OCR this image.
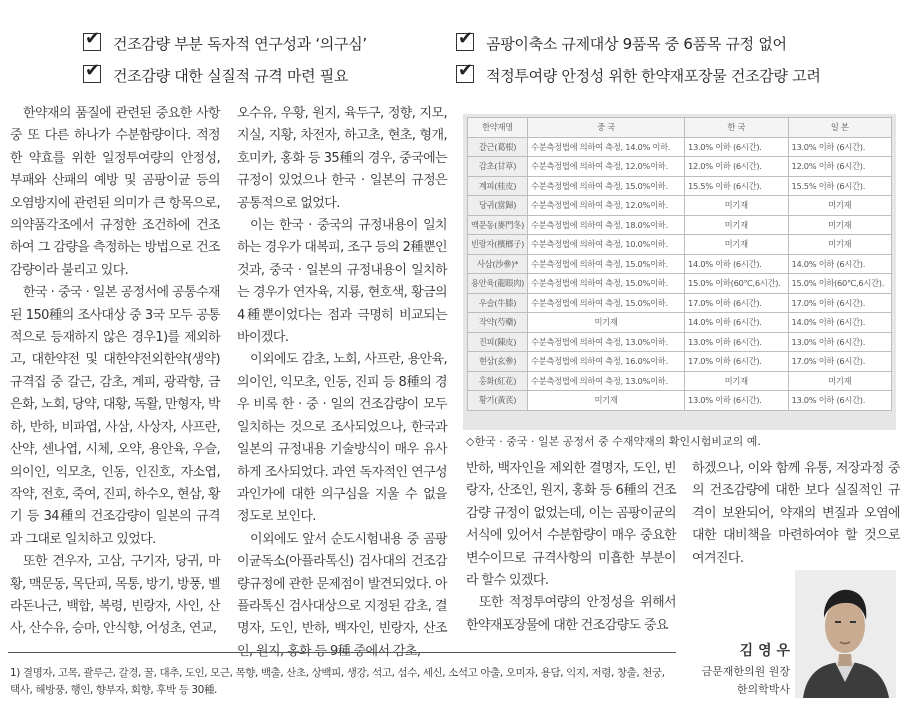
✔건조감량 부분 독자적 연구성과 ‘의구심’
✔건조감량 대한 실질적 규격 마련 필요
✔곰팡이축소 규제대상 9품목 중 6품목 규정 없어
✔적정투여량 안정성 위한 한약재포장물 건조감량 고려

한약재의 품질에 관련된 중요한 사항 중 또 다른 하나가 수분함량이다. 적정한 약효를 위한 일정투여량의 안정성, 부패와 산패의 예방 및 곰팡이균 등의 오염방지에 관련된 의미가 큰 항목으로, 의약품각조에서 규정한 조건하에 건조하여 그 감량을 측정하는 방법으로 건조감량이라 불리고 있다.

한국 · 중국 · 일본 공정서에 공통수재된 150種의 조사대상 중 3국 모두 공통적으로 등재하지 않은 경우1)를 제외하고, 대한약전 및 대한약전외한약(생약)규격집 중 갈근, 감초, 계피, 광곽향, 금은화, 노회, 당약, 대황, 독활, 만형자, 박하, 반하, 비파엽, 사삼, 사상자, 사프란, 산약, 센나엽, 시체, 오약, 용안육, 우슬, 의이인, 익모초, 인동, 인진호, 자소엽, 작약, 전호, 죽여, 진피, 하수오, 현삼, 황기 등 34種의 건조감량이 일본의 규격과 그대로 일치하고 있었다.

또한 견우자, 고삼, 구기자, 당귀, 마황, 맥문동, 목단피, 목통, 방기, 방풍, 벨라돈나근, 백합, 복령, 빈랑자, 사인, 산사, 산수유, 승마, 안식향, 어성초, 연교,

오수유, 우황, 원지, 육두구, 정향, 지모, 지실, 지황, 차전자, 하고초, 현초, 형개, 호미카, 홍화 등 35種의 경우, 중국에는 규정이 있었으나 한국 · 일본의 규정은 공통적으로 없었다.

이는 한국 · 중국의 규정내용이 일치하는 경우가 대복피, 조구 등의 2種뿐인 것과, 중국 · 일본의 규정내용이 일치하는 경우가 연자육, 지룡, 현호색, 황금의 4種뿐이었다는 점과 극명히 비교되는 바이겠다.

이외에도 감초, 노회, 사프란, 용안육, 의이인, 익모초, 인동, 진피 등 8種의 경우 비록 한 · 중 · 일의 건조감량이 모두 일치하는 것으로 조사되었으나, 한국과 일본의 규정내용 기술방식이 매우 유사하게 조사되었다. 과연 독자적인 연구성과인가에 대한 의구심을 지울 수 없을 정도로 보인다.

이외에도 앞서 순도시험내용 중 곰팡이균독소(아플라톡신) 검사대의 건조감량규정에 관한 문제점이 발견되었다. 아플라톡신 검사대상으로 지정된 감초, 결명자, 도인, 반하, 백자인, 빈랑자, 산조인, 원지, 홍화 등 9種 중에서 감초,

한약재명	중 국	한 국	일 본
갈근(葛根)	수분측정법에 의하여 측정, 14.0% 이하.	13.0% 이하 (6시간).	13.0% 이하 (6시간).
감초(甘草)	수분측정법에 의하여 측정, 12.0%이하.	12.0% 이하 (6시간).	12.0% 이하 (6시간).
계피(桂皮)	수분측정법에 의하여 측정, 15.0%이하.	15.5% 이하 (6시간).	15.5% 이하 (6시간).
당귀(當歸)	수분측정법에 의하여 측정, 12.0%이하.	미기재	미기재
맥문동(麥門冬)	수분측정법에 의하여 측정, 18.0%이하.	미기재	미기재
빈랑자(檳榔子)	수분측정법에 의하여 측정, 10.0%이하.	미기재	미기재
사삼(沙參)*	수분측정법에 의하여 측정, 15.0%이하.	14.0% 이하 (6시간).	14.0% 이하 (6시간).
용안육(龍眼肉)	수분측정법에 의하여 측정, 15.0%이하.	15.0% 이하(60℃,6시간).	15.0% 이하(60℃,6시간).
우슬(牛膝)	수분측정법에 의하여 측정, 15.0%이하.	17.0% 이하 (6시간).	17.0% 이하 (6시간).
작약(芍藥)	미기재	14.0% 이하 (6시간).	14.0% 이하 (6시간).
진피(陳皮)	수분측정법에 의하여 측정, 13.0%이하.	13.0% 이하 (6시간).	13.0% 이하 (6시간).
현삼(玄參)	수분측정법에 의하여 측정, 16.0%이하.	17.0% 이하 (6시간).	17.0% 이하 (6시간).
홍화(紅花)	수분측정법에 의하여 측정, 13.0%이하.	미기재	미기재
황기(黃芪)	미기재	13.0% 이하 (6시간).	13.0% 이하 (6시간).
◇한국 · 중국 · 일본 공정서 중 수재약재의 확인시험비교의 예.

반하, 백자인을 제외한 결명자, 도인, 빈랑자, 산조인, 원지, 홍화 등 6種의 건조감량 규정이 없었는데, 이는 곰팡이균의 서식에 있어서 수분함량이 매우 중요한 변수이므로 규격사항의 미흡한 부분이라 할수 있겠다.

또한 적정투여량의 안정성을 위해서 한약재포장물에 대한 건조감량도 중요

하겠으나, 이와 함께 유통, 저장과정 중의 건조감량에 대한 보다 실질적인 규격이 보완되어, 약재의 변질과 오염에 대한 대비책을 마련하여야 할 것으로 여겨진다.

김 영 우
금문재한의원 원장
한의학박사
1) 결명자, 고목, 괄루근, 갈경, 꿀, 대추, 도인, 모근, 목향, 백출, 산초, 상백피, 생강, 석고, 섬수, 세신, 소석고 아출, 오미자, 용담, 익지, 저령, 창출, 천궁, 택사, 해방풍, 행인, 향부자, 회향, 후박 등 30種.
